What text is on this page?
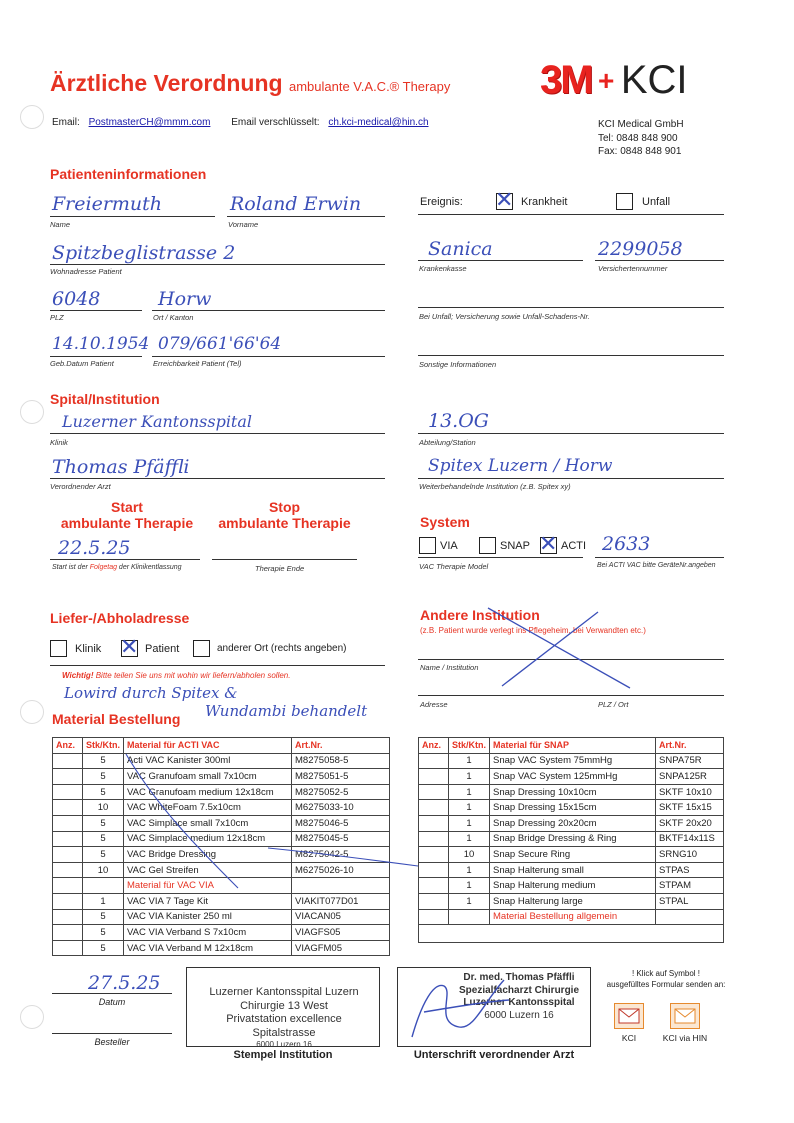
Ärztliche Verordnung ambulante V.A.C.® Therapy 3M + KCI
Email: PostmasterCH@mmm.com Email verschlüsselt: ch.kci-medical@hin.ch	KCI Medical GmbH
Tel: 0848 848 900
Fax: 0848 848 901
Patienteninformationen
Freiermuth
Name
Roland Erwin
Vorname
Spitzbeglistrasse 2
Wohnadresse Patient
6048
PLZ
Horw
Ort / Kanton
14.10.1954
Geb.Datum Patient
079/661'66'64
Erreichbarkeit Patient (Tel)
Ereignis: ✕ Krankheit	Unfall
Sanica
Krankenkasse
2299058
Versichertennummer
Bei Unfall; Versicherung sowie Unfall-Schadens-Nr.
Sonstige Informationen
Spital/Institution
Luzerner Kantonsspital
Klinik
Thomas Pfäffli
Verordnender Arzt
13.OG
Abteilung/Station
Spitex Luzern / Horw
Weiterbehandelnde Institution (z.B. Spitex xy)
Start
ambulante Therapie
Stop
ambulante Therapie
22.5.25
Start ist der Folgetag der Klinikentlassung	Therapie Ende
System
VIA	SNAP ✕ ACTI 2633
VAC Therapie Model	Bei ACTI VAC bitte GeräteNr.angeben
Liefer-/Abholadresse
Klinik ✕ Patient	anderer Ort (rechts angeben)
Wichtig! Bitte teilen Sie uns mit wohin wir liefern/abholen sollen.
Lowird durch Spitex &
Wundambi behandelt
Andere Institution
(z.B. Patient wurde verlegt ins Pflegeheim, bei Verwandten etc.)
Name / Institution
Adresse	PLZ / Ort
Material Bestellung
Anz.	Stk/Ktn.	Material für ACTI VAC	Art.Nr.
	5	Acti VAC Kanister 300ml	M8275058-5
	5	VAC Granufoam small 7x10cm	M8275051-5
	5	VAC Granufoam medium 12x18cm	M8275052-5
	10	VAC WhiteFoam 7.5x10cm	M6275033-10
	5	VAC Simplace small 7x10cm	M8275046-5
	5	VAC Simplace medium 12x18cm	M8275045-5
	5	VAC Bridge Dressing	M8275042-5
	10	VAC Gel Streifen	M6275026-10
		Material für VAC VIA	
	1	VAC VIA 7 Tage Kit	VIAKIT077D01
	5	VAC VIA Kanister 250 ml	VIACAN05
	5	VAC VIA Verband S 7x10cm	VIAGFS05
	5	VAC VIA Verband M 12x18cm	VIAGFM05
Anz.	Stk/Ktn.	Material für SNAP	Art.Nr.
	1	Snap VAC System 75mmHg	SNPA75R
	1	Snap VAC System 125mmHg	SNPA125R
	1	Snap Dressing 10x10cm	SKTF 10x10
	1	Snap Dressing 15x15cm	SKTF 15x15
	1	Snap Dressing 20x20cm	SKTF 20x20
	1	Snap Bridge Dressing & Ring	BKTF14x11S
	10	Snap Secure Ring	SRNG10
	1	Snap Halterung small	STPAS
	1	Snap Halterung medium	STPAM
	1	Snap Halterung large	STPAL
		Material Bestellung allgemein	

27.5.25
Datum
Besteller
Luzerner Kantonsspital Luzern
Chirurgie 13 West
Privatstation excellence
Spitalstrasse
6000 Luzern 16
Stempel Institution
Dr. med. Thomas Pfäffli
Spezialfacharzt Chirurgie
Luzerner Kantonsspital
6000 Luzern 16
Unterschrift verordnender Arzt
! Klick auf Symbol !
ausgefülltes Formular senden an:
KCI	KCI via HIN
